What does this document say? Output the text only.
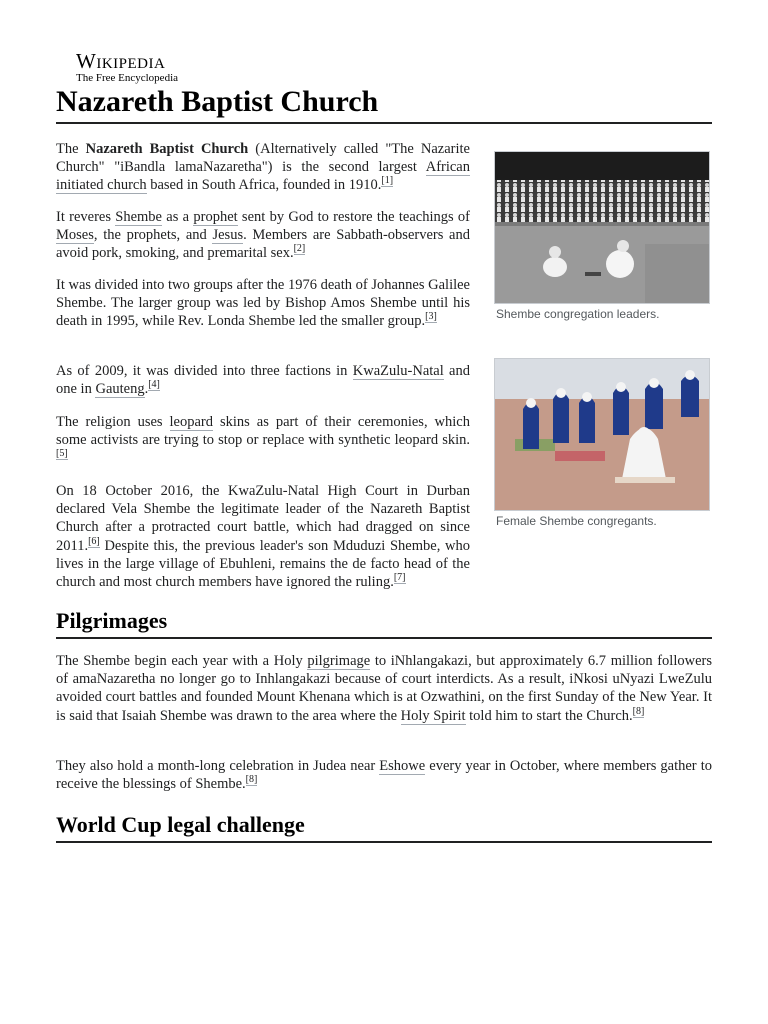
Wikipedia
The Free Encyclopedia
Nazareth Baptist Church

The Nazareth Baptist Church (Alternatively called "The Nazarite Church" "iBandla lamaNazaretha") is the second largest African initiated church based in South Africa, founded in 1910.[1]

It reveres Shembe as a prophet sent by God to restore the teachings of Moses, the prophets, and Jesus. Members are Sabbath-observers and avoid pork, smoking, and premarital sex.[2]

It was divided into two groups after the 1976 death of Johannes Galilee Shembe. The larger group was led by Bishop Amos Shembe until his death in 1995, while Rev. Londa Shembe led the smaller group.[3]

As of 2009, it was divided into three factions in KwaZulu-Natal and one in Gauteng.[4]

The religion uses leopard skins as part of their ceremonies, which some activists are trying to stop or replace with synthetic leopard skin.[5]

On 18 October 2016, the KwaZulu-Natal High Court in Durban declared Vela Shembe the legitimate leader of the Nazareth Baptist Church after a protracted court battle, which had dragged on since 2011.[6] Despite this, the previous leader's son Mduduzi Shembe, who lives in the large village of Ebuhleni, remains the de facto head of the church and most church members have ignored the ruling.[7]

Shembe congregation leaders.
Female Shembe congregants.
Pilgrimages

The Shembe begin each year with a Holy pilgrimage to iNhlangakazi, but approximately 6.7 million followers of amaNazaretha no longer go to Inhlangakazi because of court interdicts. As a result, iNkosi uNyazi LweZulu avoided court battles and founded Mount Khenana which is at Ozwathini, on the first Sunday of the New Year. It is said that Isaiah Shembe was drawn to the area where the Holy Spirit told him to start the Church.[8]

They also hold a month-long celebration in Judea near Eshowe every year in October, where members gather to receive the blessings of Shembe.[8]

World Cup legal challenge
